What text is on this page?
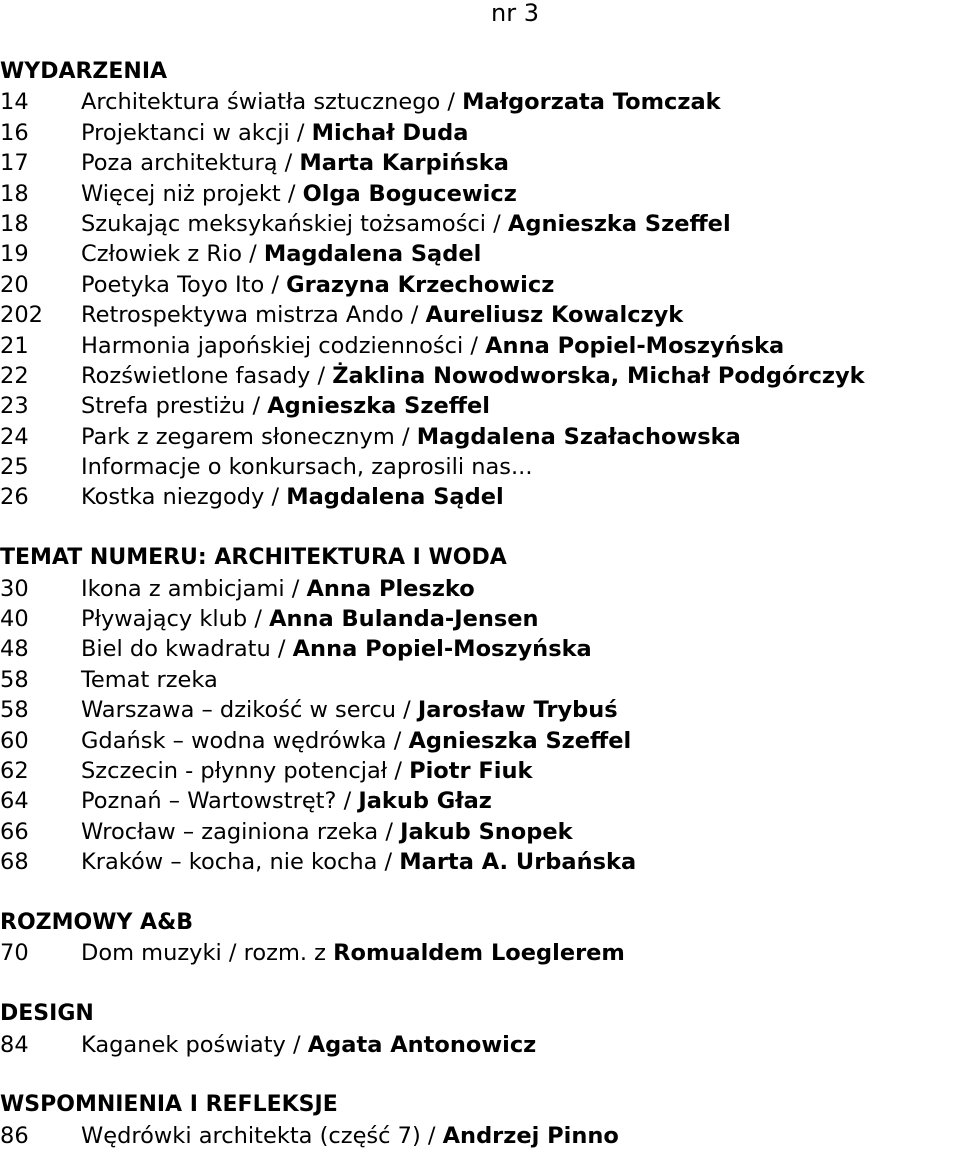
nr 3
WYDARZENIA
14 Architektura światła sztucznego / Małgorzata Tomczak
16 Projektanci w akcji / Michał Duda
17 Poza architekturą / Marta Karpińska
18 Więcej niż projekt / Olga Bogucewicz
18 Szukając meksykańskiej tożsamości / Agnieszka Szeffel
19 Człowiek z Rio / Magdalena Sądel
20 Poetyka Toyo Ito / Grazyna Krzechowicz
202 Retrospektywa mistrza Ando / Aureliusz Kowalczyk
21 Harmonia japońskiej codzienności / Anna Popiel-Moszyńska
22 Rozświetlone fasady / Żaklina Nowodworska, Michał Podgórczyk
23 Strefa prestiżu / Agnieszka Szeffel
24 Park z zegarem słonecznym / Magdalena Szałachowska
25 Informacje o konkursach, zaprosili nas...
26 Kostka niezgody / Magdalena Sądel
TEMAT NUMERU: ARCHITEKTURA I WODA
30 Ikona z ambicjami / Anna Pleszko
40 Pływający klub / Anna Bulanda-Jensen
48 Biel do kwadratu / Anna Popiel-Moszyńska
58 Temat rzeka
58 Warszawa – dzikość w sercu / Jarosław Trybuś
60 Gdańsk – wodna wędrówka / Agnieszka Szeffel
62 Szczecin - płynny potencjał / Piotr Fiuk
64 Poznań – Wartowstręt? / Jakub Głaz
66 Wrocław – zaginiona rzeka / Jakub Snopek
68 Kraków – kocha, nie kocha / Marta A. Urbańska
ROZMOWY A&B
70 Dom muzyki / rozm. z Romualdem Loeglerem
DESIGN
84 Kaganek poświaty / Agata Antonowicz
WSPOMNIENIA I REFLEKSJE
86 Wędrówki architekta (część 7) / Andrzej Pinno
